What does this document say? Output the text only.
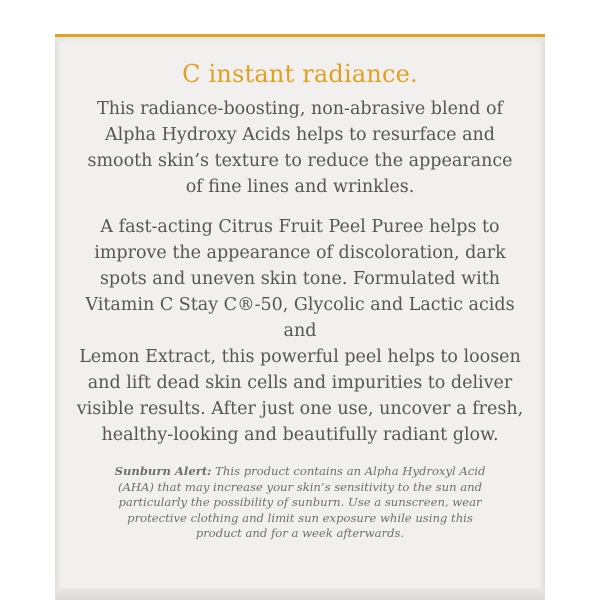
C instant radiance.

This radiance-boosting, non-abrasive blend of
Alpha Hydroxy Acids helps to resurface and
smooth skin’s texture to reduce the appearance
of fine lines and wrinkles.

A fast-acting Citrus Fruit Peel Puree helps to
improve the appearance of discoloration, dark
spots and uneven skin tone. Formulated with
Vitamin C Stay C®-50, Glycolic and Lactic acids and
Lemon Extract, this powerful peel helps to loosen
and lift dead skin cells and impurities to deliver
visible results. After just one use, uncover a fresh,
healthy-looking and beautifully radiant glow.

Sunburn Alert: This product contains an Alpha Hydroxyl Acid
(AHA) that may increase your skin’s sensitivity to the sun and
particularly the possibility of sunburn. Use a sunscreen, wear
protective clothing and limit sun exposure while using this
product and for a week afterwards.
